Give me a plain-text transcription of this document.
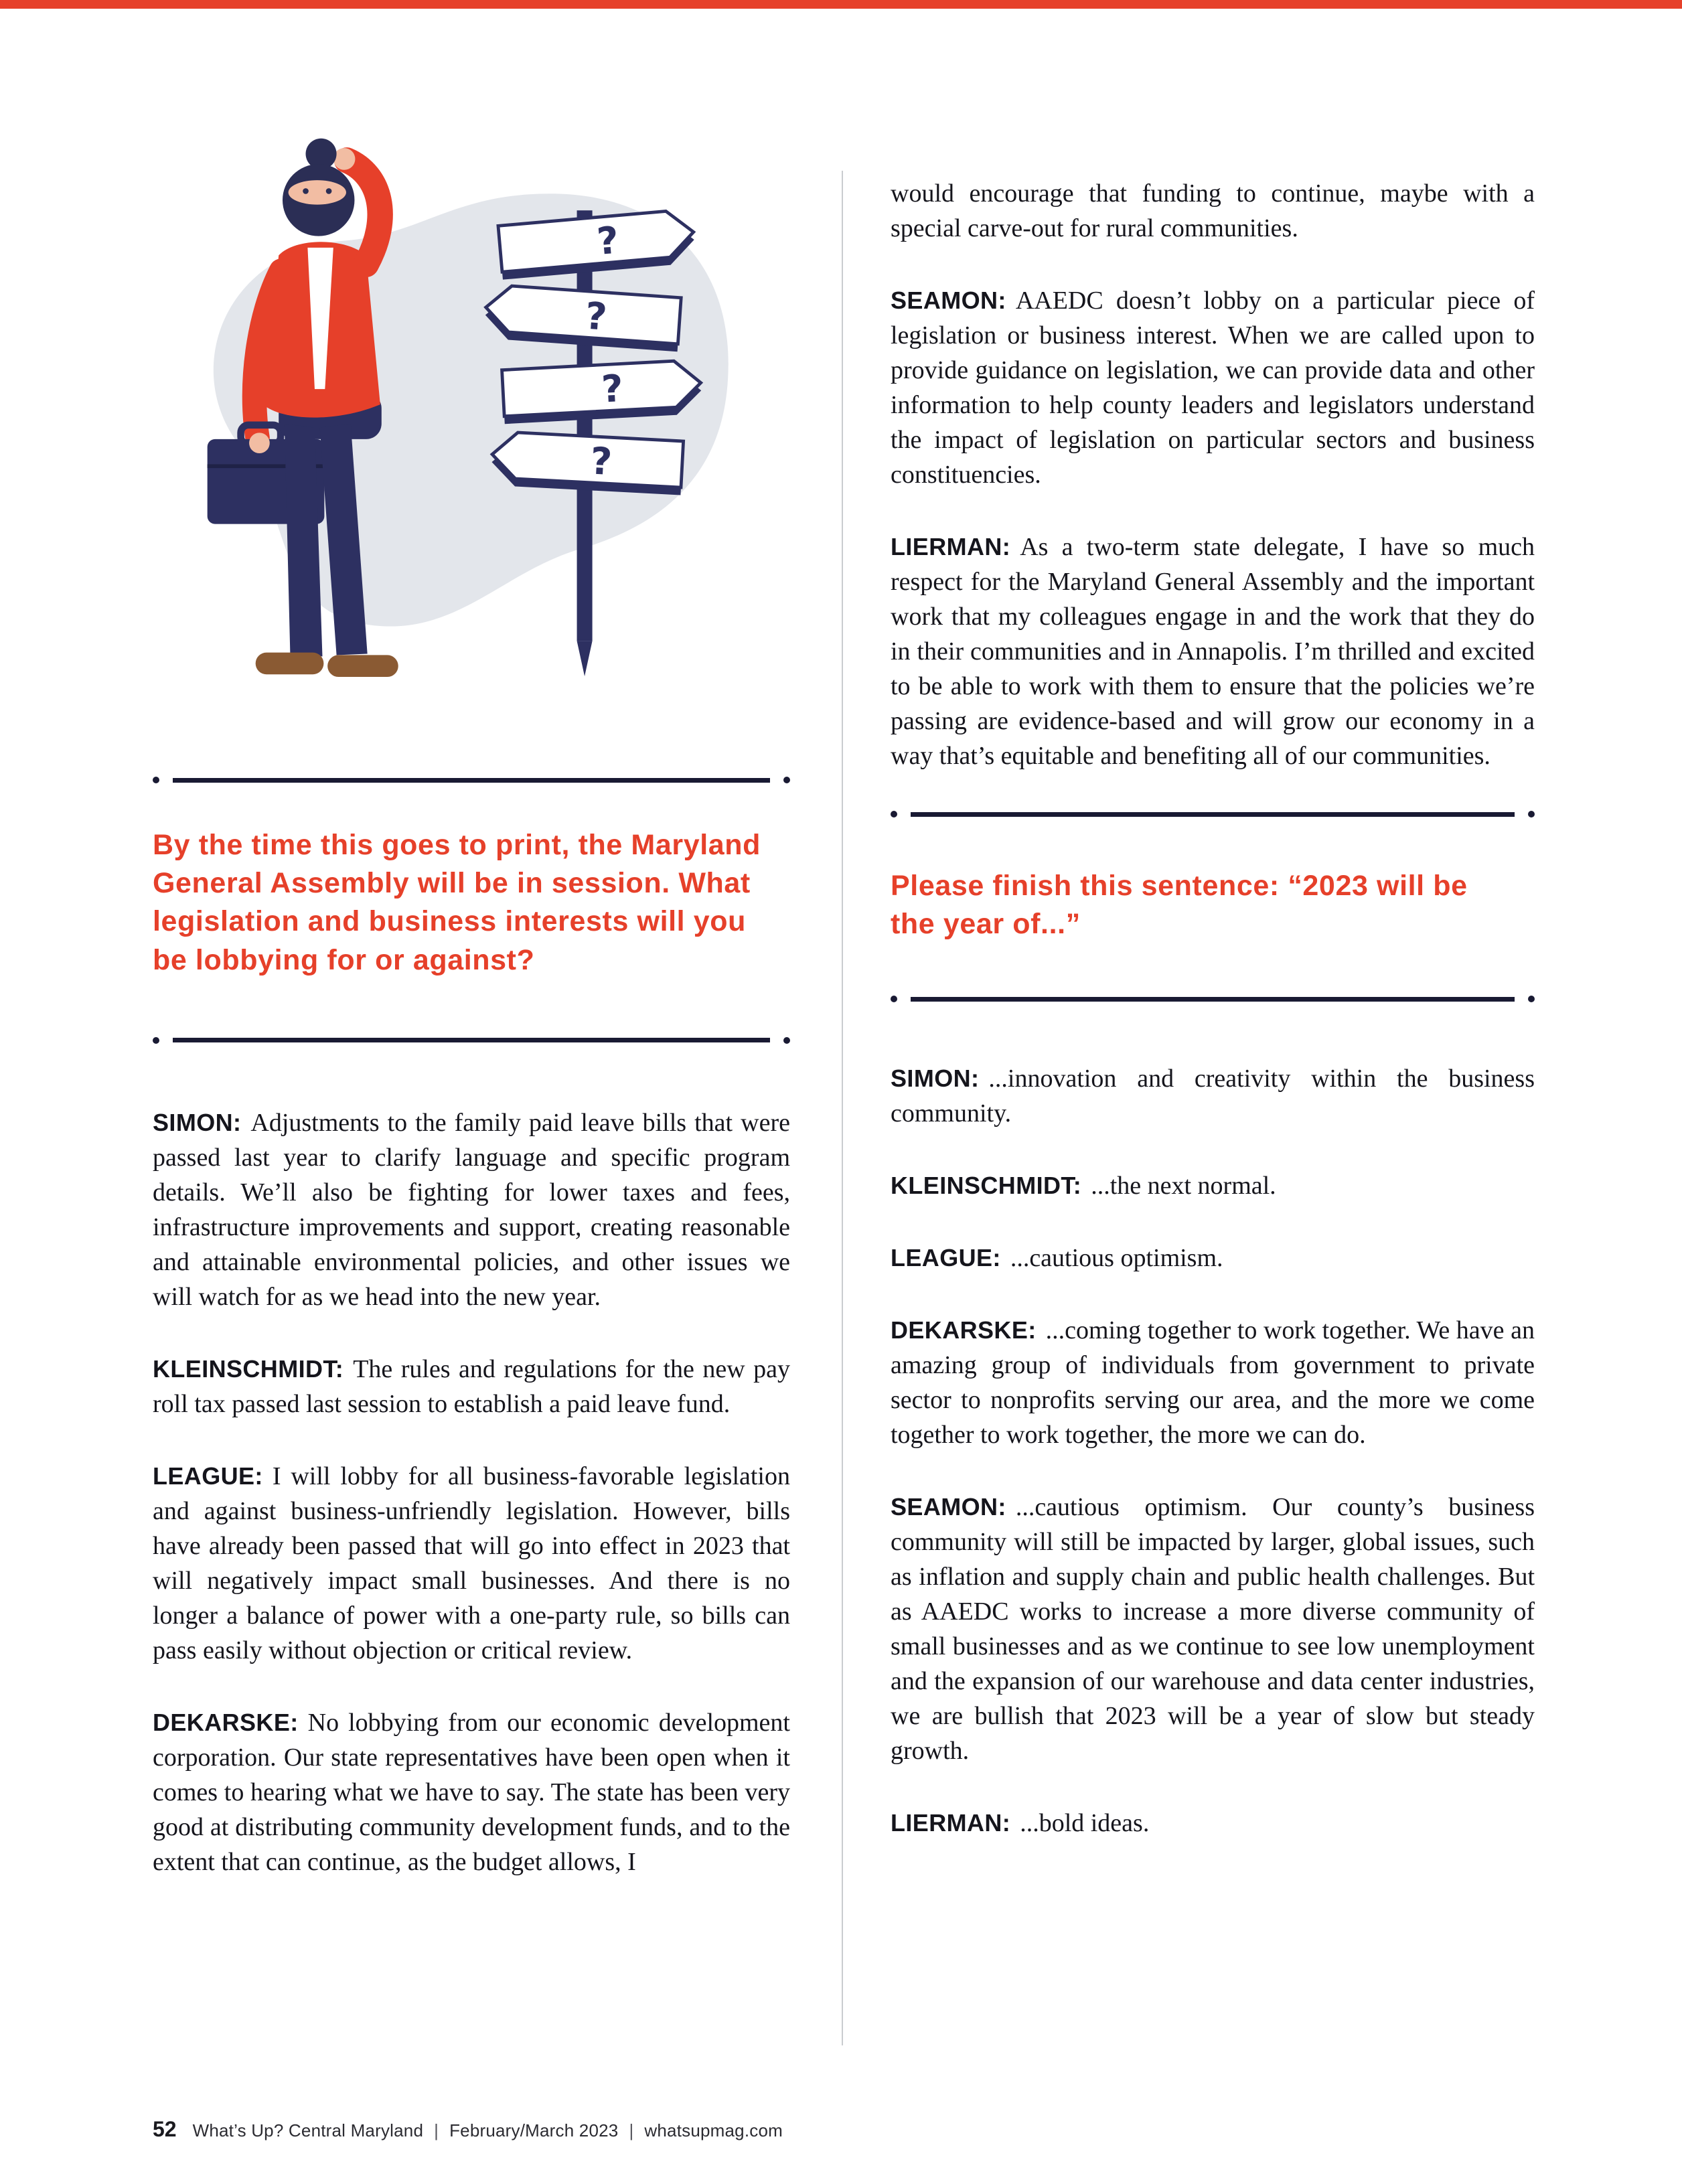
?
?
?
?
By the time this goes to print, the Maryland General Assembly will be in session. What legislation and business interests will you be lobbying for or against?

SIMON: Adjustments to the family paid leave bills that were passed last year to clarify language and specific program details. We’ll also be fighting for lower taxes and fees, infrastructure improvements and support, creating reasonable and attainable environmental policies, and other issues we will watch for as we head into the new year.

KLEINSCHMIDT: The rules and regulations for the new pay roll tax passed last session to establish a paid leave fund.

LEAGUE: I will lobby for all business-favorable legislation and against business-unfriendly legislation. However, bills have already been passed that will go into effect in 2023 that will negatively impact small businesses. And there is no longer a balance of power with a one-party rule, so bills can pass easily without objection or critical review.

DEKARSKE: No lobbying from our economic development corporation. Our state representatives have been open when it comes to hearing what we have to say. The state has been very good at distributing community development funds, and to the extent that can continue, as the budget allows, I

would encourage that funding to continue, maybe with a special carve-out for rural communities.

SEAMON: AAEDC doesn’t lobby on a particular piece of legislation or business interest. When we are called upon to provide guidance on legislation, we can provide data and other information to help county leaders and legislators understand the impact of legislation on particular sectors and business constituencies.

LIERMAN: As a two-term state delegate, I have so much respect for the Maryland General Assembly and the important work that my colleagues engage in and the work that they do in their communities and in Annapolis. I’m thrilled and excited to be able to work with them to ensure that the policies we’re passing are evidence-based and will grow our economy in a way that’s equitable and benefiting all of our communities.

Please finish this sentence: “2023 will be the year of...”

SIMON: ...innovation and creativity within the business community.

KLEINSCHMIDT: ...the next normal.

LEAGUE: ...cautious optimism.

DEKARSKE: ...coming together to work together. We have an amazing group of individuals from government to private sector to nonprofits serving our area, and the more we come together to work together, the more we can do.

SEAMON: ...cautious optimism. Our county’s business community will still be impacted by larger, global issues, such as inflation and supply chain and public health challenges. But as AAEDC works to increase a more diverse community of small businesses and as we continue to see low unemployment and the expansion of our warehouse and data center industries, we are bullish that 2023 will be a year of slow but steady growth.

LIERMAN: ...bold ideas.

52 What’s Up? Central Maryland | February/March 2023 | whatsupmag.com
